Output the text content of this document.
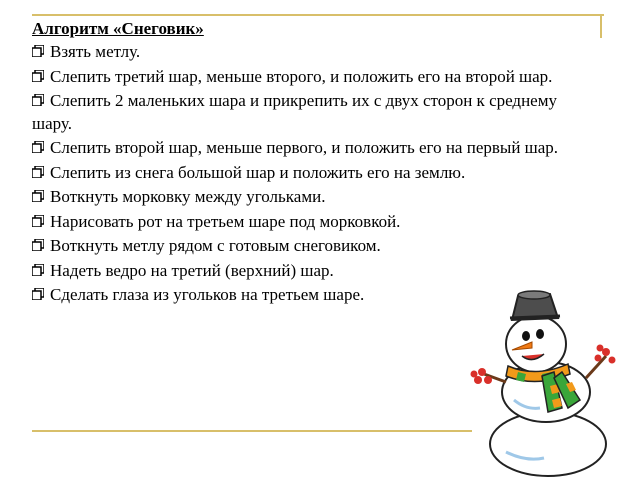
Алгоритм «Снеговик»
Взять метлу.
Слепить третий шар, меньше второго, и положить его на второй шар.
Слепить 2 маленьких шара и прикрепить их с двух сторон к среднему шару.
Слепить второй шар, меньше первого, и положить его на первый шар.
Слепить из снега большой шар и положить его на землю.
Воткнуть морковку между угольками.
Нарисовать рот на третьем шаре под морковкой.
Воткнуть метлу рядом с готовым снеговиком.
Надеть ведро на третий (верхний) шар.
Сделать глаза из угольков на третьем шаре.
